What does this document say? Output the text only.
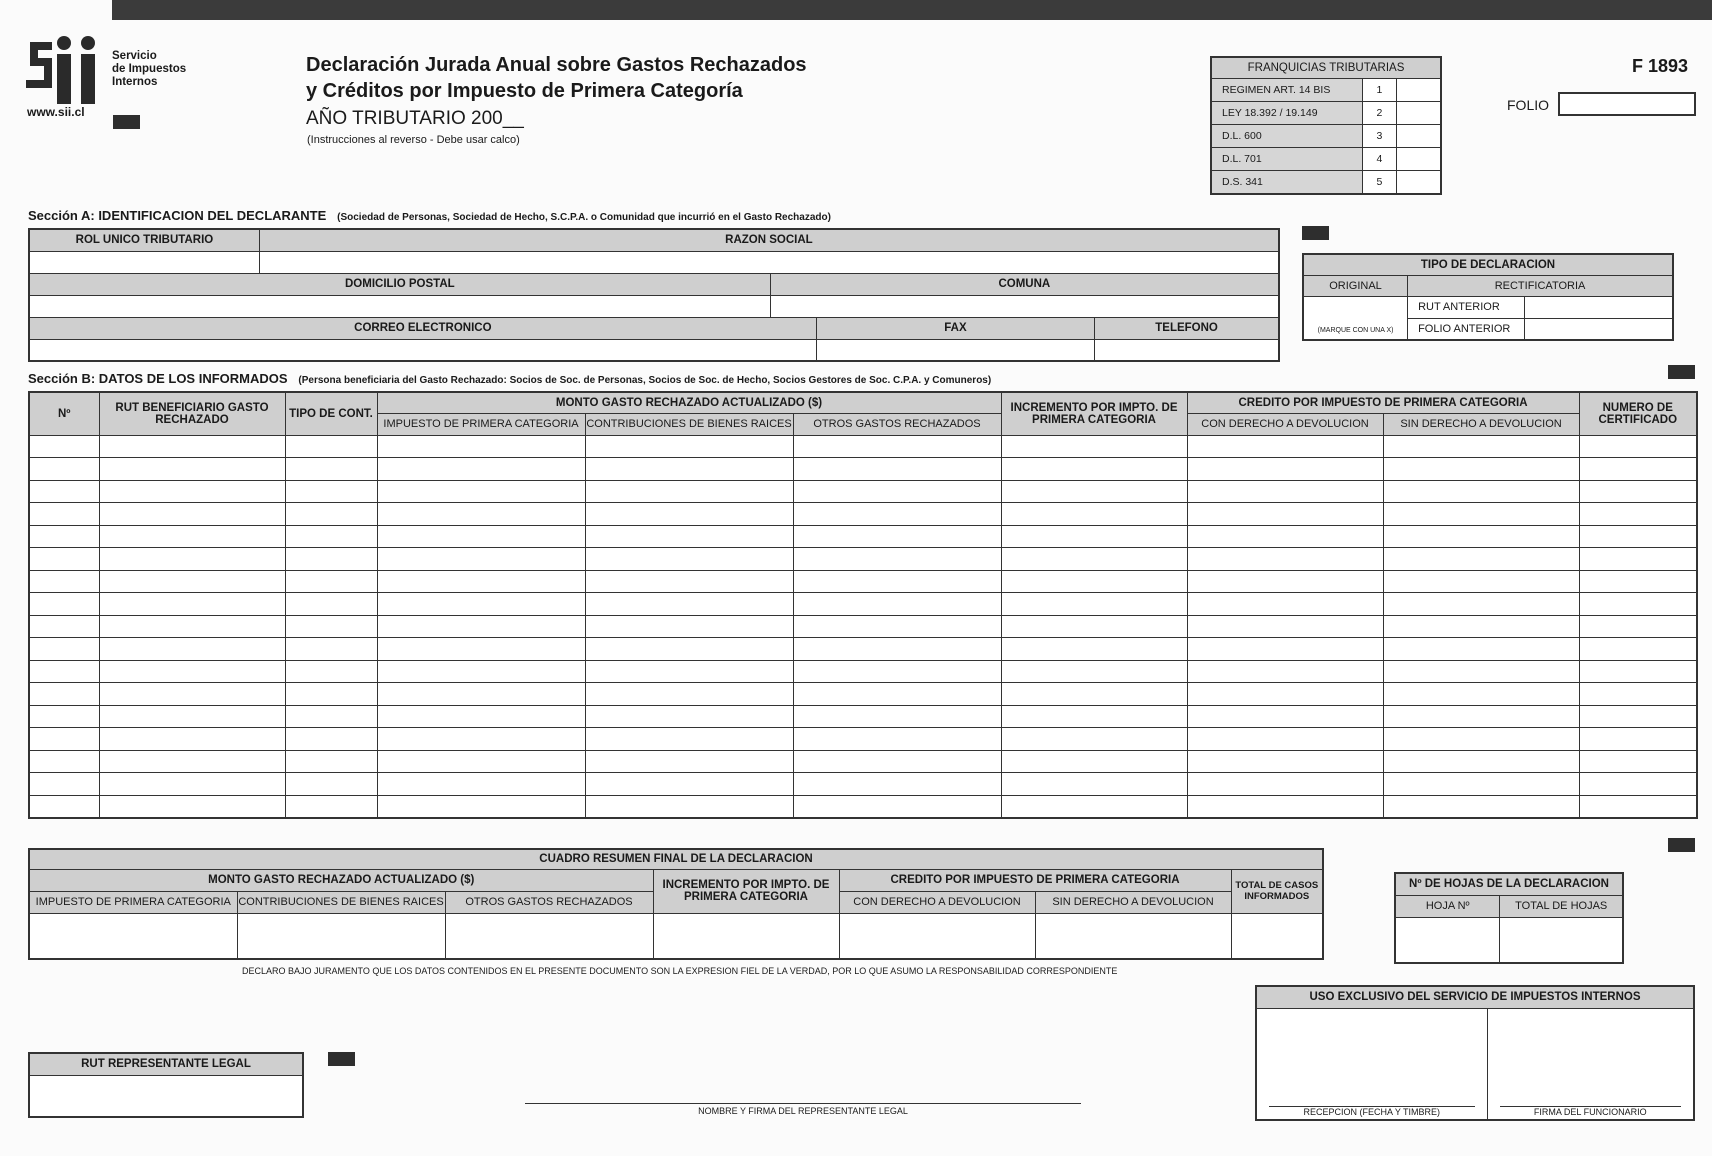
Servicio
de Impuestos
Internos
www.sii.cl
Declaración Jurada Anual sobre Gastos Rechazados
y Créditos por Impuesto de Primera Categoría
AÑO TRIBUTARIO 200__
(Instrucciones al reverso - Debe usar calco)
FRANQUICIAS TRIBUTARIAS		
REGIMEN ART. 14 BIS	1	
LEY 18.392 / 19.149	2	
D.L. 600	3	
D.L. 701	4	
D.S. 341	5	
F 1893
FOLIO
Sección A: IDENTIFICACION DEL DECLARANTE (Sociedad de Personas, Sociedad de Hecho, S.C.P.A. o Comunidad que incurrió en el Gasto Rechazado)
ROL UNICO TRIBUTARIO	RAZON SOCIAL			

DOMICILIO POSTAL		COMUNA		

CORREO ELECTRONICO			FAX	TELEFONO

TIPO DE DECLARACION		
ORIGINAL	RECTIFICATORIA	
(MARQUE CON UNA X)	RUT ANTERIOR	
	FOLIO ANTERIOR	
Sección B: DATOS DE LOS INFORMADOS (Persona beneficiaria del Gasto Rechazado: Socios de Soc. de Personas, Socios de Soc. de Hecho, Socios Gestores de Soc. C.P.A. y Comuneros)
Nº	RUT BENEFICIARIO GASTO RECHAZADO	TIPO DE CONT.	MONTO GASTO RECHAZADO ACTUALIZADO ($)			INCREMENTO POR IMPTO. DE PRIMERA CATEGORIA	CREDITO POR IMPUESTO DE PRIMERA CATEGORIA		NUMERO DE CERTIFICADO
			IMPUESTO DE PRIMERA CATEGORIA	CONTRIBUCIONES DE BIENES RAICES	OTROS GASTOS RECHAZADOS		CON DERECHO A DEVOLUCION	SIN DERECHO A DEVOLUCION	

CUADRO RESUMEN FINAL DE LA DECLARACION						
MONTO GASTO RECHAZADO ACTUALIZADO ($)			INCREMENTO POR IMPTO. DE PRIMERA CATEGORIA	CREDITO POR IMPUESTO DE PRIMERA CATEGORIA		TOTAL DE CASOS INFORMADOS
IMPUESTO DE PRIMERA CATEGORIA	CONTRIBUCIONES DE BIENES RAICES	OTROS GASTOS RECHAZADOS		CON DERECHO A DEVOLUCION	SIN DERECHO A DEVOLUCION	

Nº DE HOJAS DE LA DECLARACION	
HOJA Nº	TOTAL DE HOJAS

DECLARO BAJO JURAMENTO QUE LOS DATOS CONTENIDOS EN EL PRESENTE DOCUMENTO SON LA EXPRESION FIEL DE LA VERDAD, POR LO QUE ASUMO LA RESPONSABILIDAD CORRESPONDIENTE
USO EXCLUSIVO DEL SERVICIO DE IMPUESTOS INTERNOS

RECEPCION (FECHA Y TIMBRE)	FIRMA DEL FUNCIONARIO
RUT REPRESENTANTE LEGAL

NOMBRE Y FIRMA DEL REPRESENTANTE LEGAL
